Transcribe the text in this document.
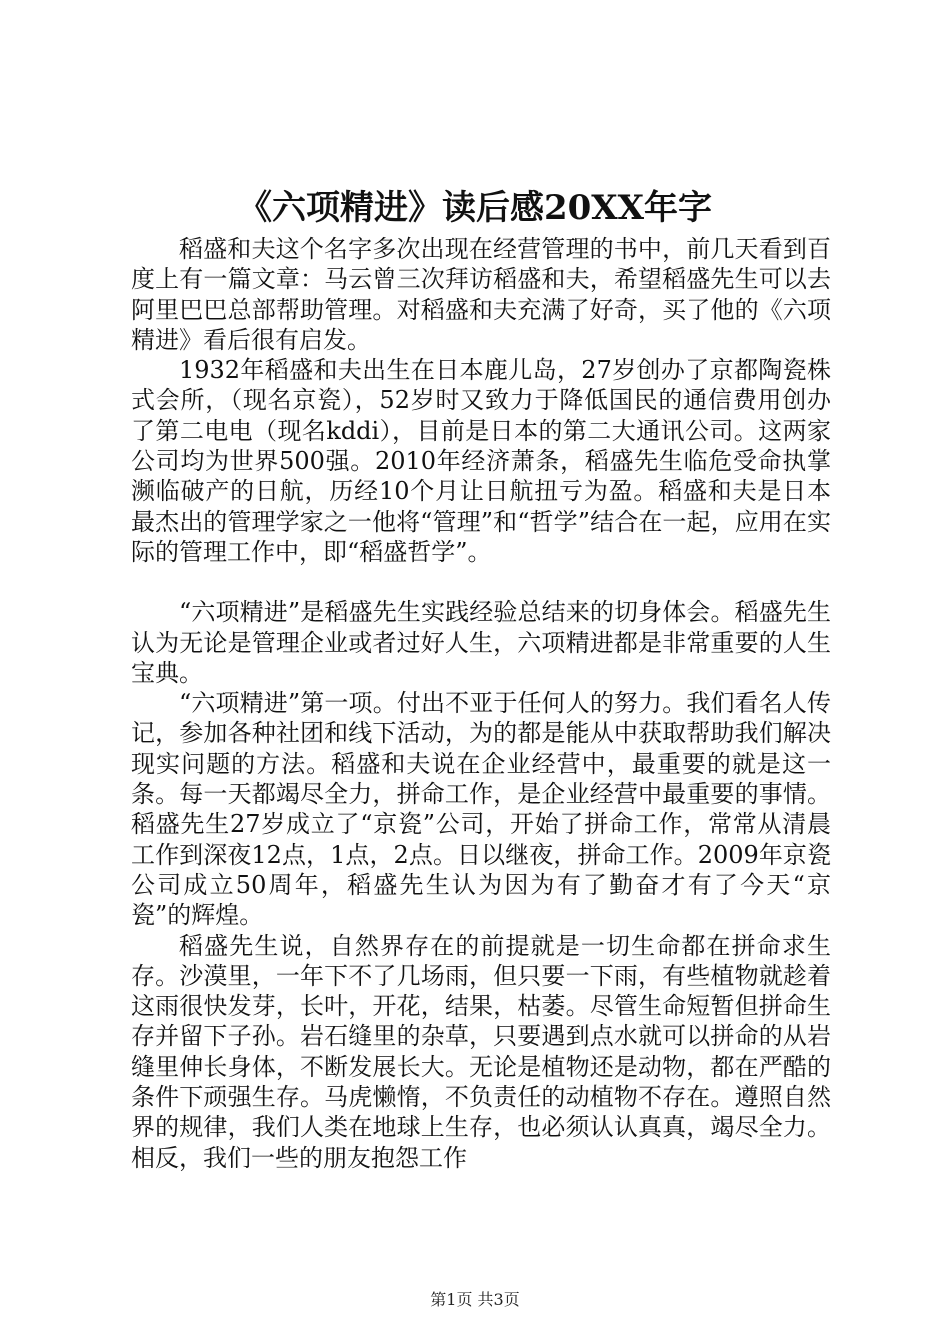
《六项精进》读后感20XX年字

稻盛和夫这个名字多次出现在经营管理的书中，前几天看到百度上有一篇文章：马云曾三次拜访稻盛和夫，希望稻盛先生可以去阿里巴巴总部帮助管理。对稻盛和夫充满了好奇，买了他的《六项精进》看后很有启发。

1932年稻盛和夫出生在日本鹿儿岛，27岁创办了京都陶瓷株式会所，（现名京瓷），52岁时又致力于降低国民的通信费用创办了第二电电（现名kddi），目前是日本的第二大通讯公司。这两家公司均为世界500强。2010年经济萧条，稻盛先生临危受命执掌濒临破产的日航，历经10个月让日航扭亏为盈。稻盛和夫是日本最杰出的管理学家之一他将“管理”和“哲学”结合在一起，应用在实际的管理工作中，即“稻盛哲学”。

“六项精进”是稻盛先生实践经验总结来的切身体会。稻盛先生认为无论是管理企业或者过好人生，六项精进都是非常重要的人生宝典。

“六项精进”第一项。付出不亚于任何人的努力。我们看名人传记，参加各种社团和线下活动，为的都是能从中获取帮助我们解决现实问题的方法。稻盛和夫说在企业经营中，最重要的就是这一条。每一天都竭尽全力，拼命工作，是企业经营中最重要的事情。稻盛先生27岁成立了“京瓷”公司，开始了拼命工作，常常从清晨工作到深夜12点，1点，2点。日以继夜，拼命工作。2009年京瓷公司成立50周年，稻盛先生认为因为有了勤奋才有了今天“京瓷”的辉煌。

稻盛先生说，自然界存在的前提就是一切生命都在拼命求生存。沙漠里，一年下不了几场雨，但只要一下雨，有些植物就趁着这雨很快发芽，长叶，开花，结果，枯萎。尽管生命短暂但拼命生存并留下子孙。岩石缝里的杂草，只要遇到点水就可以拼命的从岩缝里伸长身体，不断发展长大。无论是植物还是动物，都在严酷的条件下顽强生存。马虎懒惰，不负责任的动植物不存在。遵照自然界的规律，我们人类在地球上生存，也必须认认真真，竭尽全力。相反，我们一些的朋友抱怨工作

第1页 共3页
